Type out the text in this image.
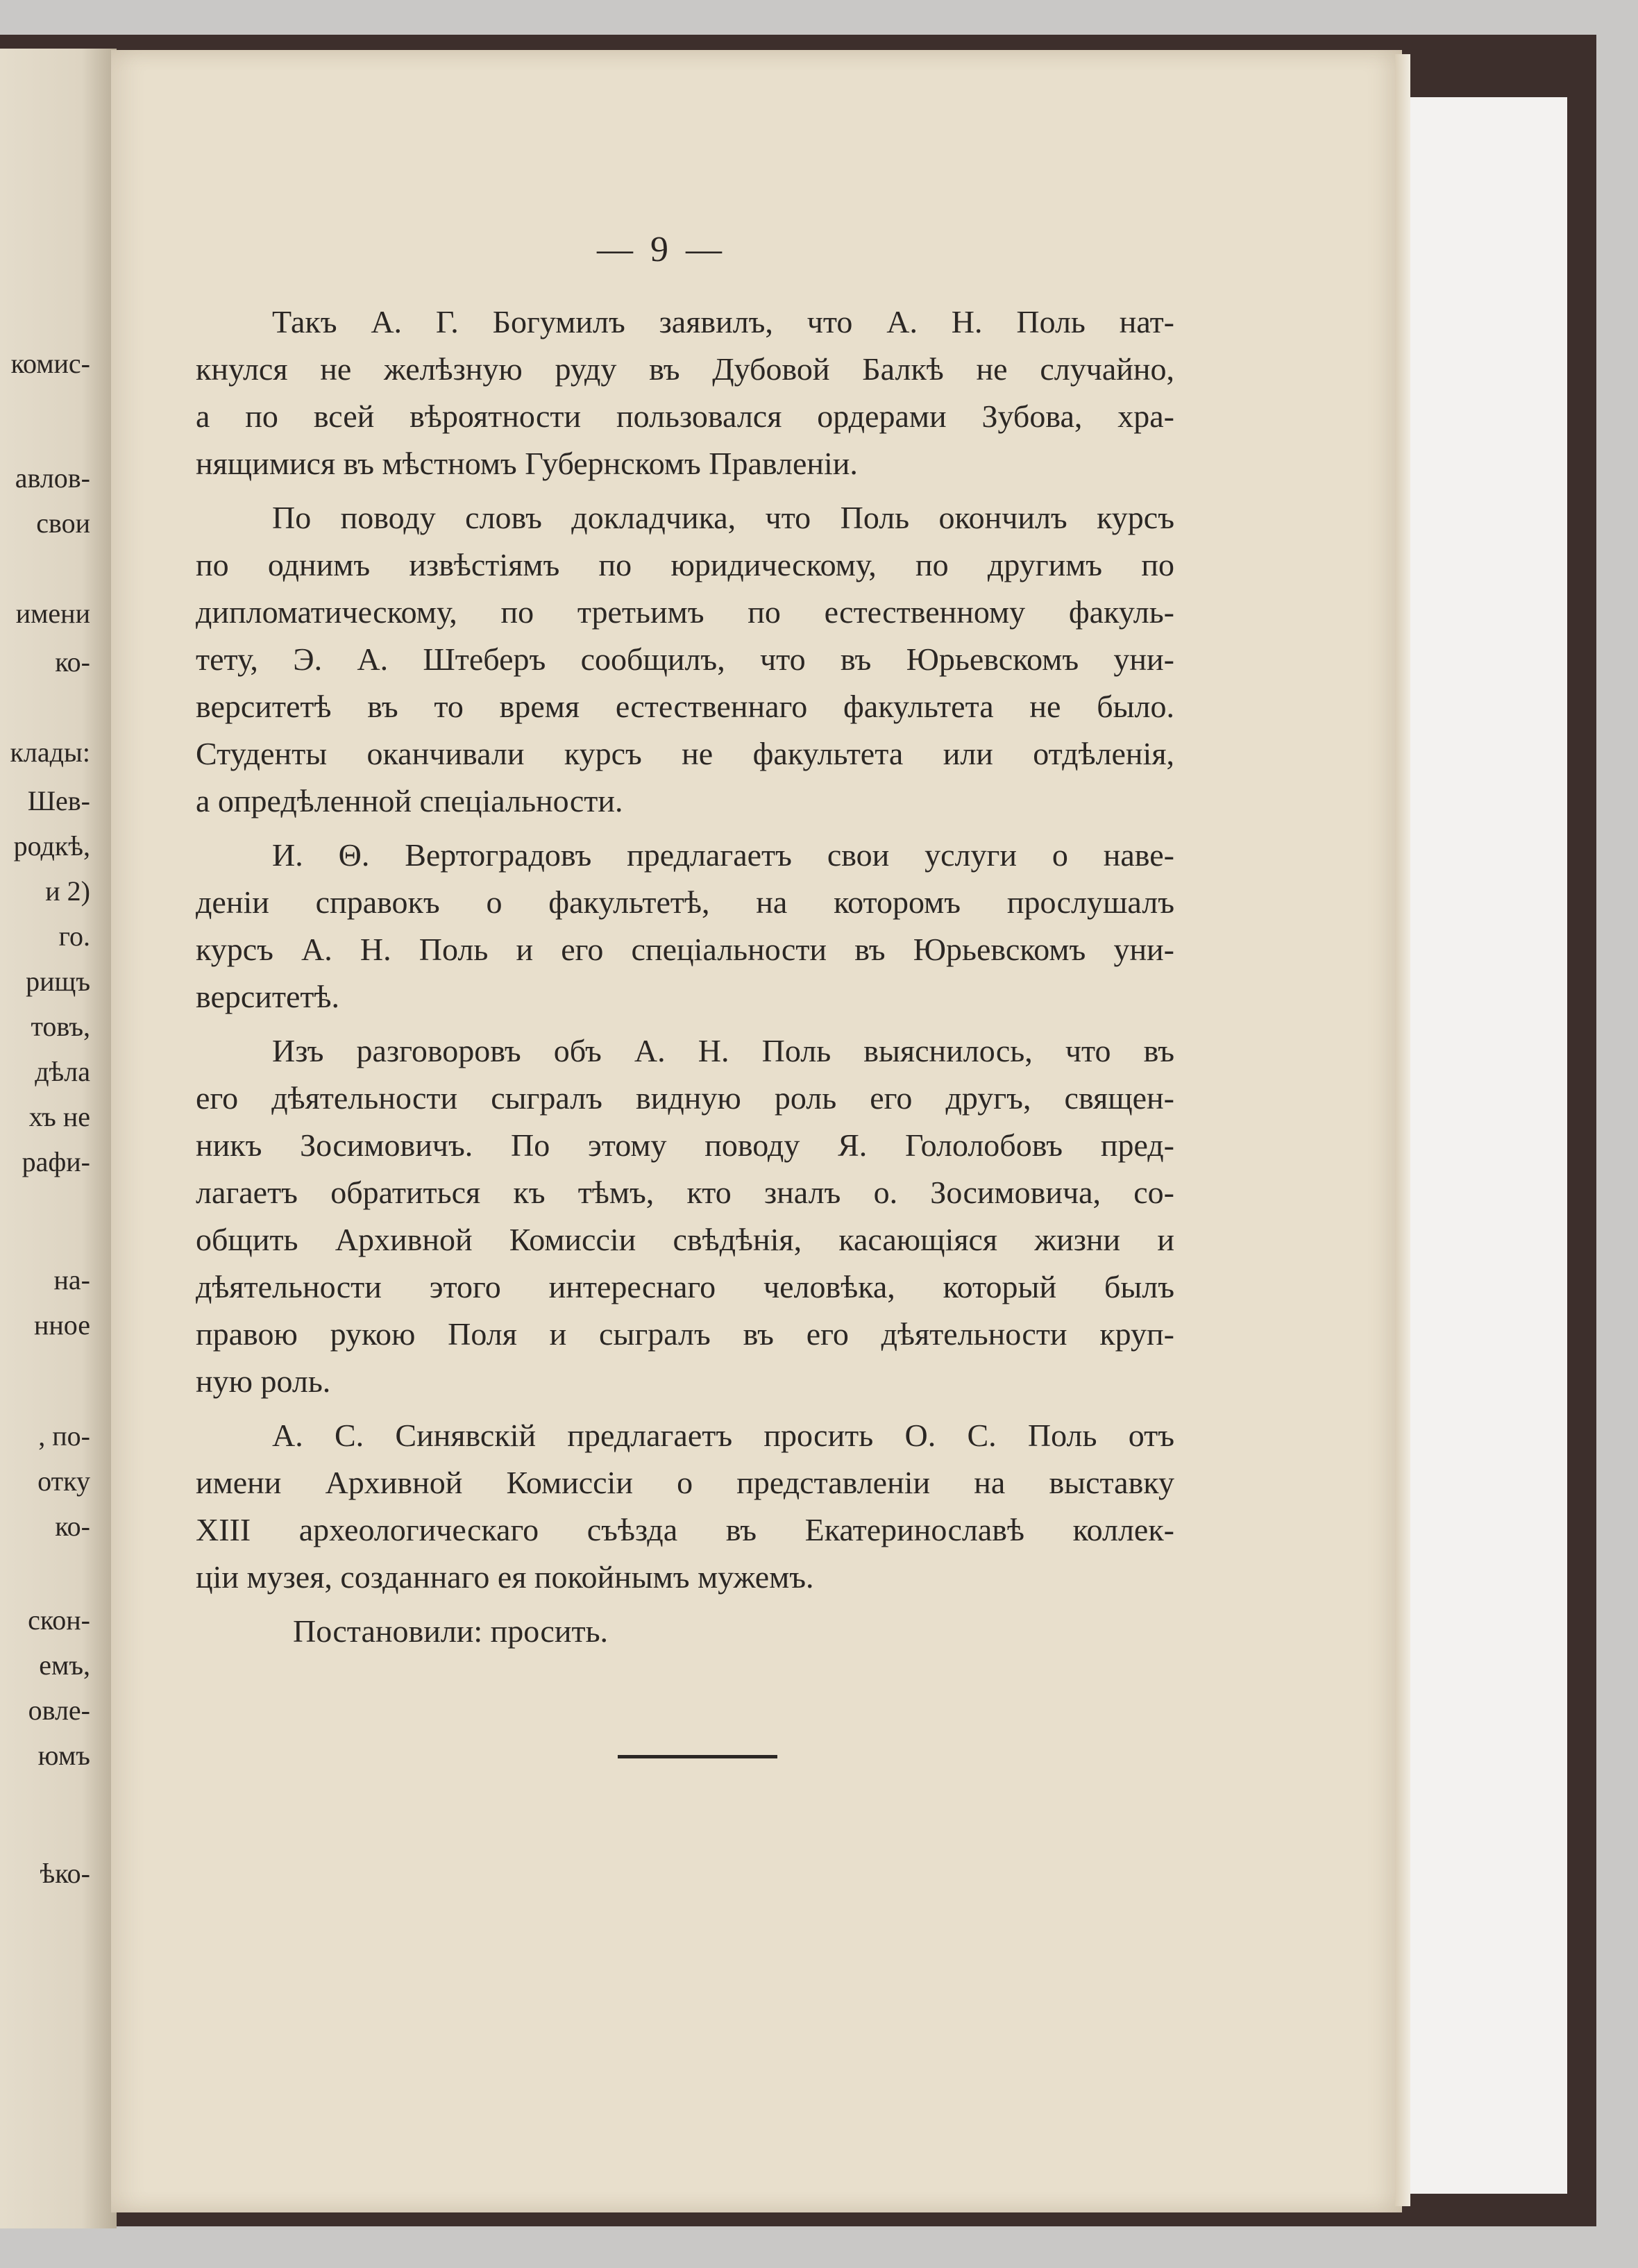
комис-
авлов-
свои
имени
ко-
клады:
Шев-
родкѣ,
и 2)
го.
рищъ
товъ,
дѣла
хъ не
рафи-
на-
нное
, по-
отку
ко-
скон-
емъ,
овле-
юмъ
ѣко-
— 9 —
Такъ А. Г. Богумилъ заявилъ, что А. Н. Поль нат-
кнулся не желѣзную руду въ Дубовой Балкѣ не случайно,
а по всей вѣроятности пользовался ордерами Зубова, хра-
нящимися въ мѣстномъ Губернскомъ Правленіи.
По поводу словъ докладчика, что Поль окончилъ курсъ
по однимъ извѣстіямъ по юридическому, по другимъ по
дипломатическому, по третьимъ по естественному факуль-
тету, Э. А. Штеберъ сообщилъ, что въ Юрьевскомъ уни-
верситетѣ въ то время естественнаго факультета не было.
Студенты оканчивали курсъ не факультета или отдѣленія,
а опредѣленной спеціальности.
И. Θ. Вертоградовъ предлагаетъ свои услуги о наве-
деніи справокъ о факультетѣ, на которомъ прослушалъ
курсъ А. Н. Поль и его спеціальности въ Юрьевскомъ уни-
верситетѣ.
Изъ разговоровъ объ А. Н. Поль выяснилось, что въ
его дѣятельности сыгралъ видную роль его другъ, священ-
никъ Зосимовичъ. По этому поводу Я. Гололобовъ пред-
лагаетъ обратиться къ тѣмъ, кто зналъ о. Зосимовича, со-
общить Архивной Комиссіи свѣдѣнія, касающіяся жизни и
дѣятельности этого интереснаго человѣка, который былъ
правою рукою Поля и сыгралъ въ его дѣятельности круп-
ную роль.
А. С. Синявскій предлагаетъ просить О. С. Поль отъ
имени Архивной Комиссіи о представленіи на выставку
XIII археологическаго съѣзда въ Екатеринославѣ коллек-
ціи музея, созданнаго ея покойнымъ мужемъ.
Постановили: просить.
